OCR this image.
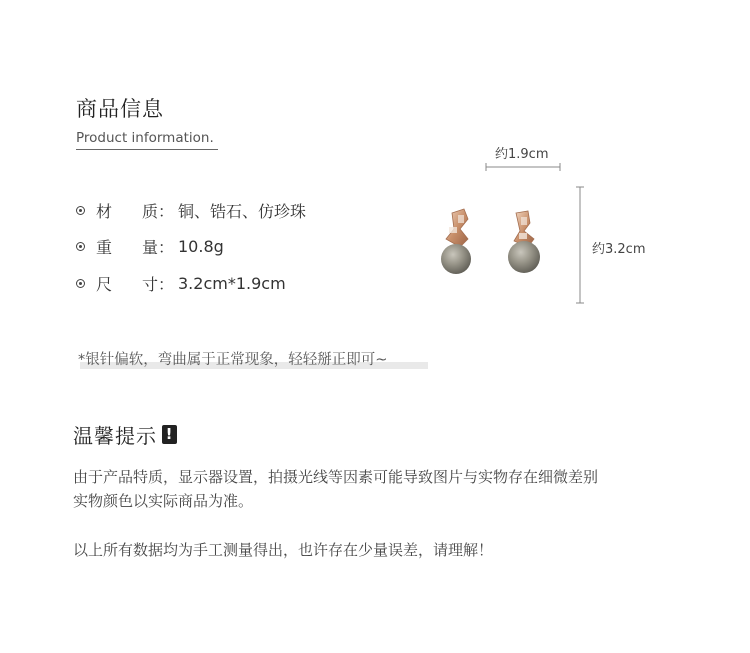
商品信息
Product information.
材	质： 铜、锆石、仿珍珠
重	量： 10.8g
尺	寸： 3.2cm*1.9cm
约1.9cm
约3.2cm
*银针偏软，弯曲属于正常现象，轻轻掰正即可~
温馨提示 !
由于产品特质，显示器设置，拍摄光线等因素可能导致图片与实物存在细微差别
实物颜色以实际商品为准。
以上所有数据均为手工测量得出，也许存在少量误差，请理解！
